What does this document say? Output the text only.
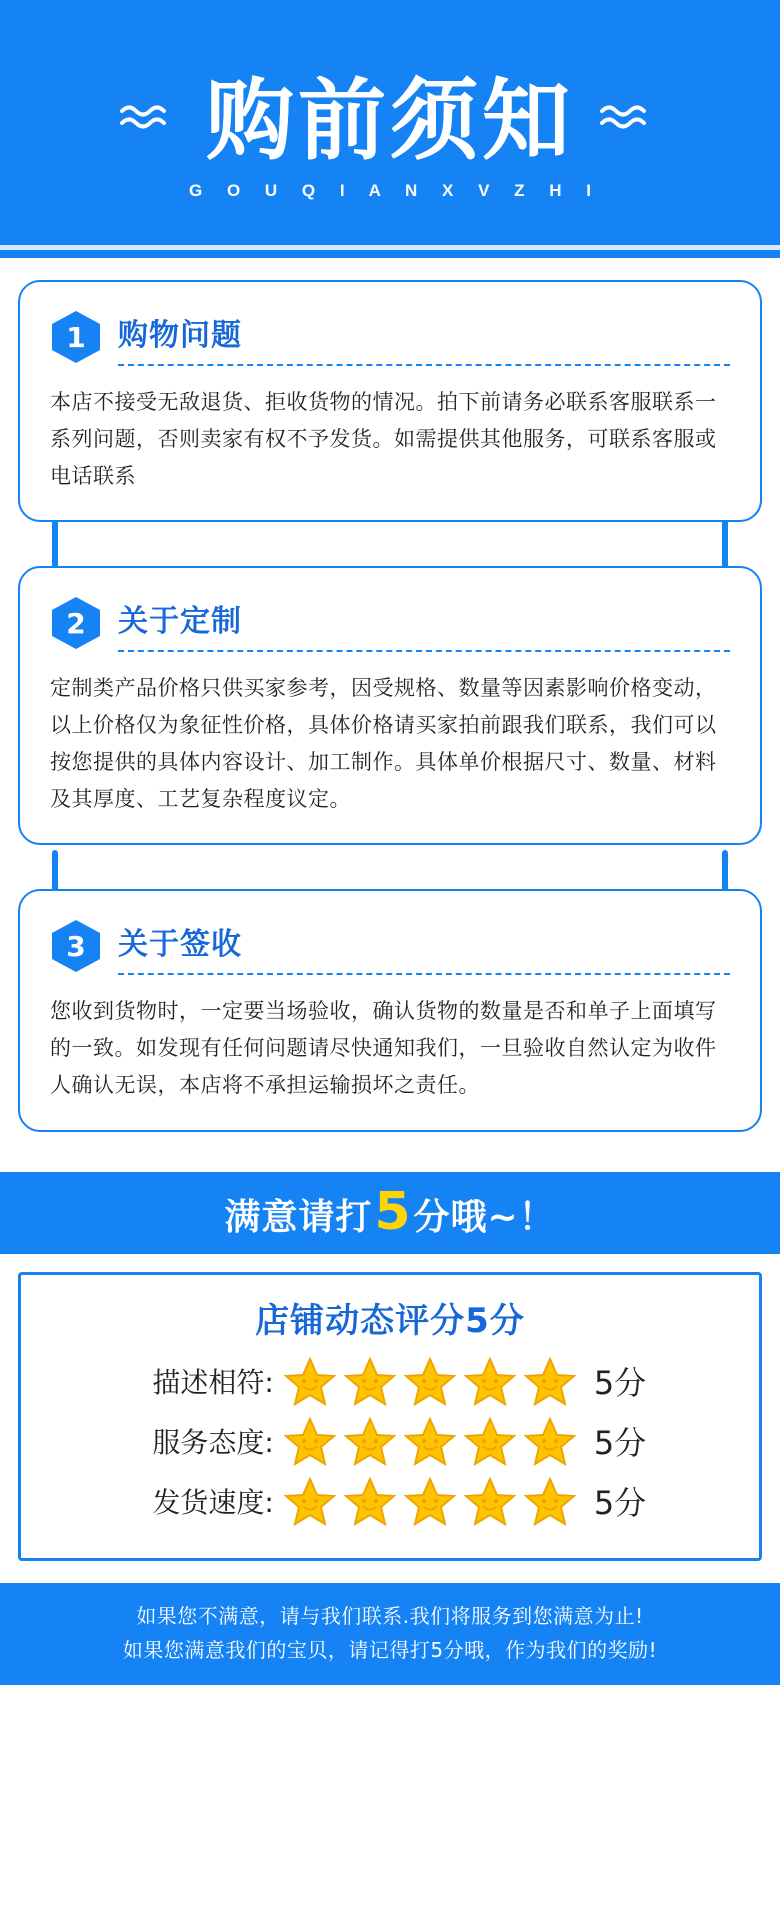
购前须知
G O U Q I A N X V Z H I
1	购物问题
本店不接受无敌退货、拒收货物的情况。拍下前请务必联系客服联系一系列问题，否则卖家有权不予发货。如需提供其他服务，可联系客服或电话联系
2	关于定制
定制类产品价格只供买家参考，因受规格、数量等因素影响价格变动，以上价格仅为象征性价格，具体价格请买家拍前跟我们联系，我们可以按您提供的具体内容设计、加工制作。具体单价根据尺寸、数量、材料及其厚度、工艺复杂程度议定。
3	关于签收
您收到货物时，一定要当场验收，确认货物的数量是否和单子上面填写的一致。如发现有任何问题请尽快通知我们，一旦验收自然认定为收件人确认无误，本店将不承担运输损坏之责任。
满意请打 5 分哦~！
店铺动态评分5分
描述相符:	5分
服务态度:	5分
发货速度:	5分
如果您不满意，请与我们联系.我们将服务到您满意为止!
如果您满意我们的宝贝，请记得打5分哦，作为我们的奖励!
